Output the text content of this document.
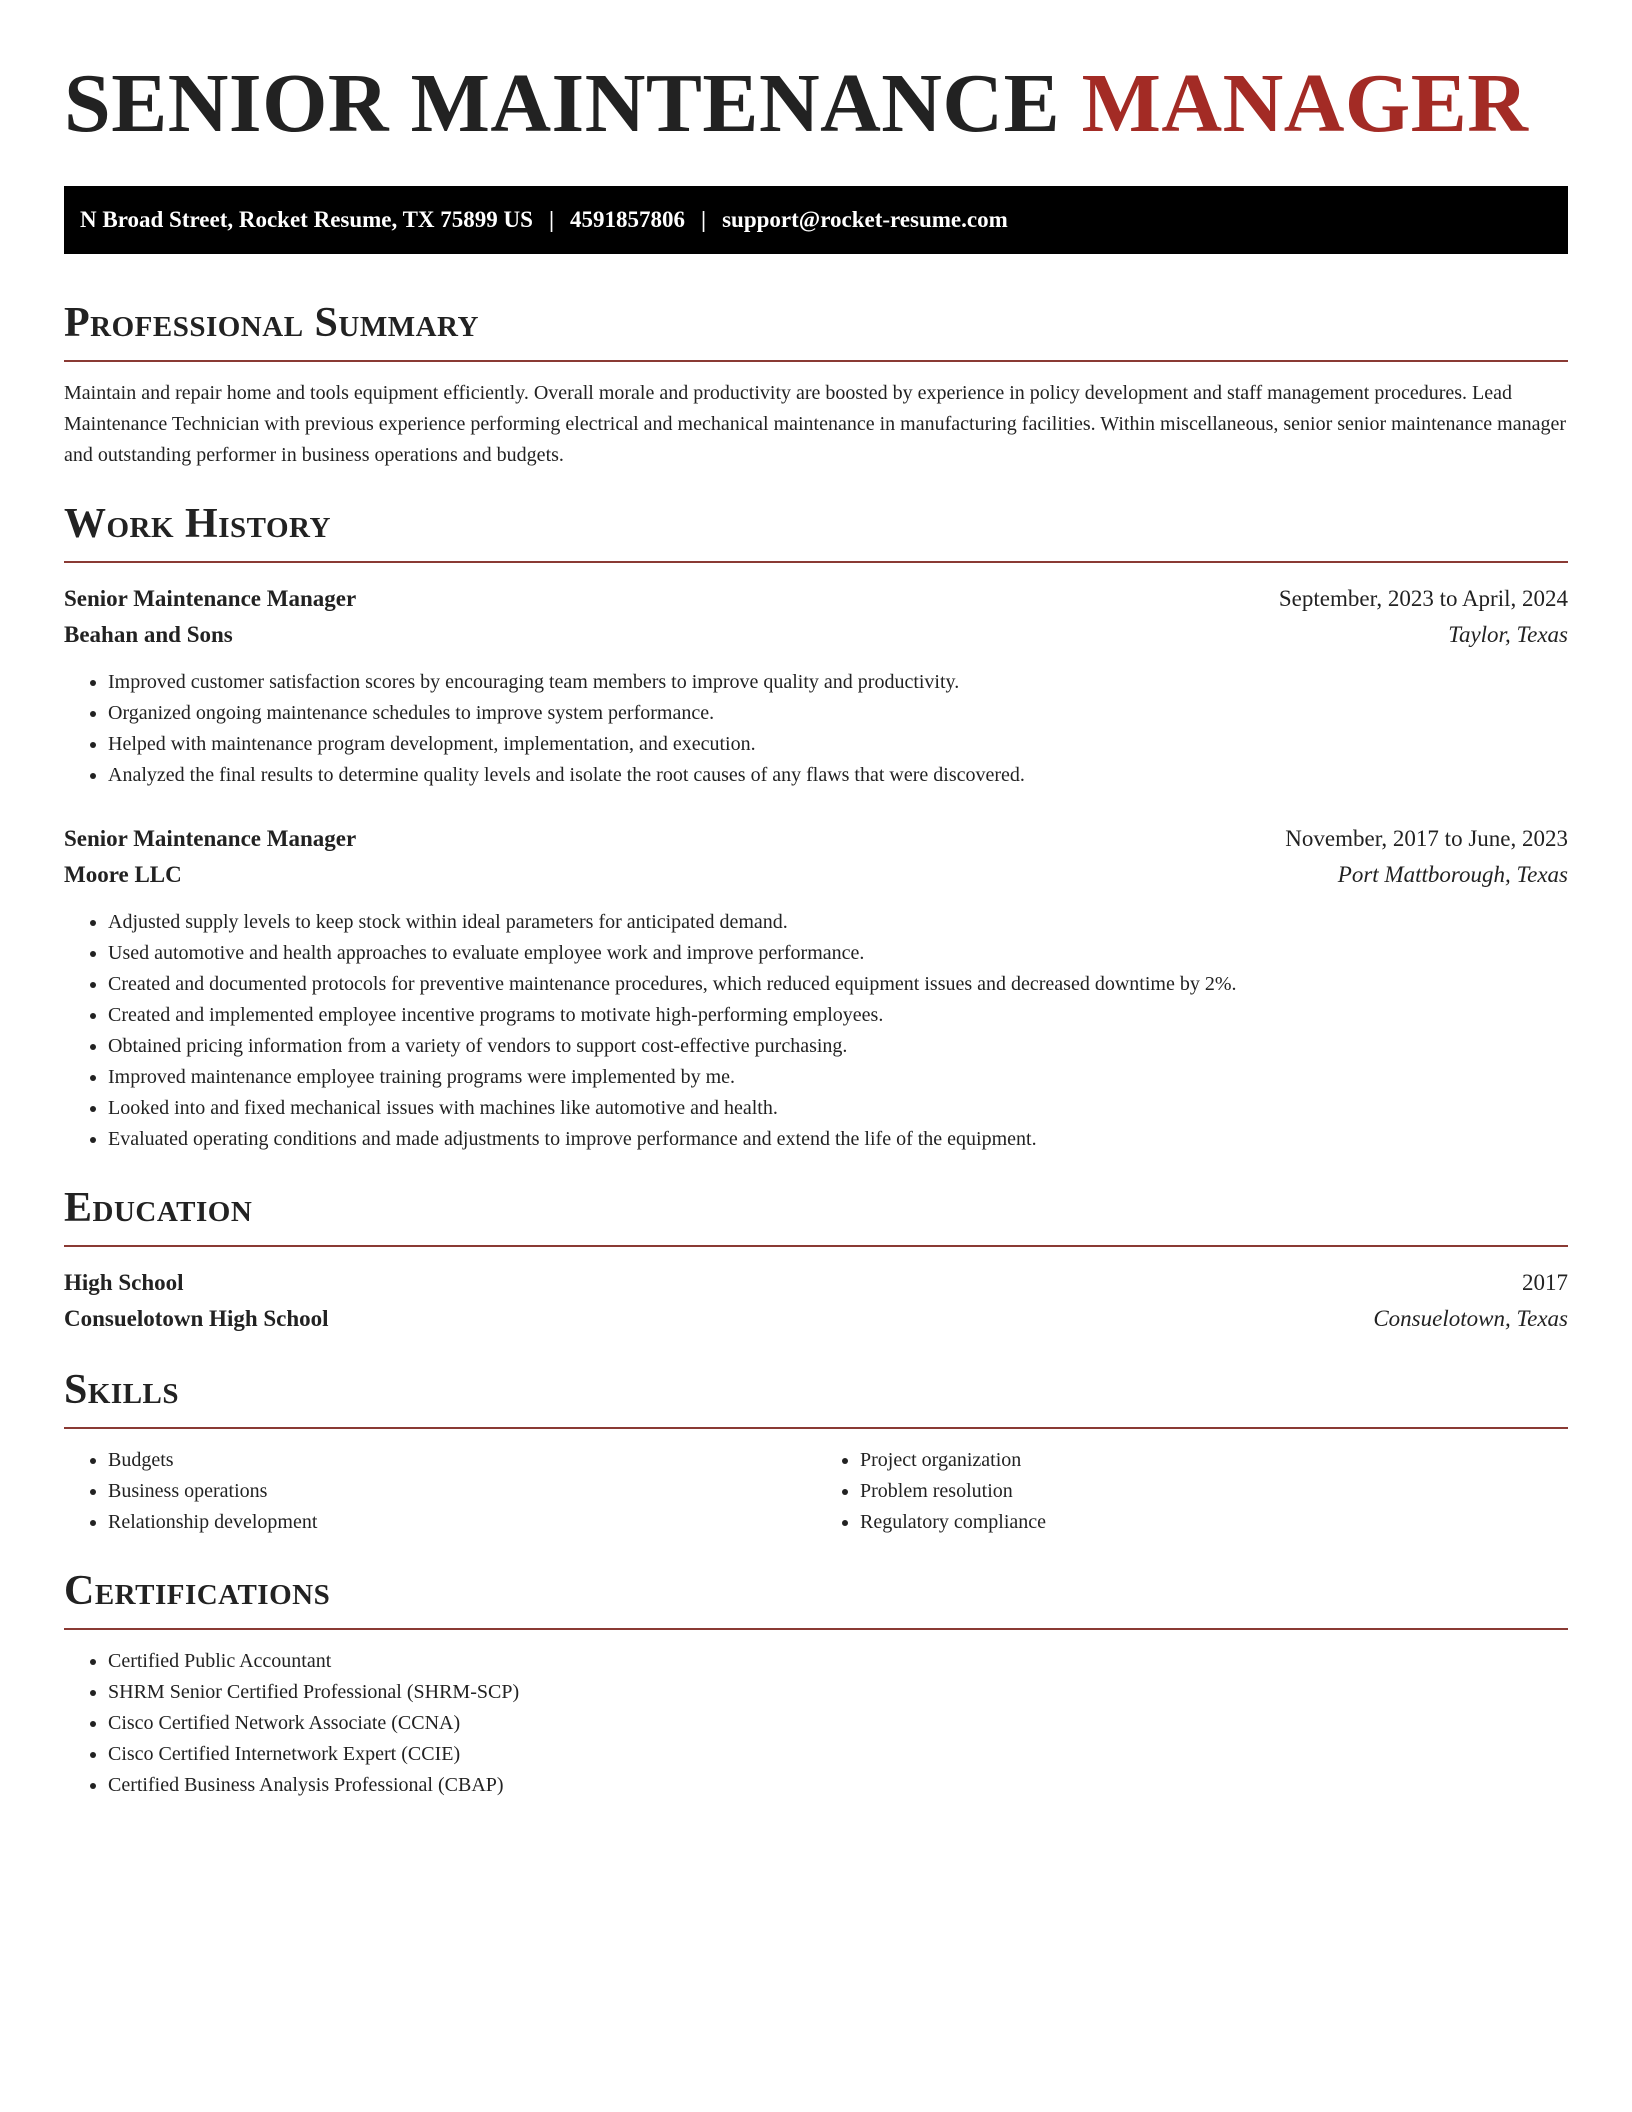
SENIOR MAINTENANCE MANAGER
N Broad Street, Rocket Resume, TX 75899 US | 4591857806 | support@rocket-resume.com
Professional Summary

Maintain and repair home and tools equipment efficiently. Overall morale and productivity are boosted by experience in policy development and staff management procedures. Lead Maintenance Technician with previous experience performing electrical and mechanical maintenance in manufacturing facilities. Within miscellaneous, senior senior maintenance manager and outstanding performer in business operations and budgets.

Work History
Senior Maintenance Manager	September, 2023 to April, 2024
Beahan and Sons	Taylor, Texas
• Improved customer satisfaction scores by encouraging team members to improve quality and productivity.
• Organized ongoing maintenance schedules to improve system performance.
• Helped with maintenance program development, implementation, and execution.
• Analyzed the final results to determine quality levels and isolate the root causes of any flaws that were discovered.
Senior Maintenance Manager	November, 2017 to June, 2023
Moore LLC	Port Mattborough, Texas
• Adjusted supply levels to keep stock within ideal parameters for anticipated demand.
• Used automotive and health approaches to evaluate employee work and improve performance.
• Created and documented protocols for preventive maintenance procedures, which reduced equipment issues and decreased downtime by 2%.
• Created and implemented employee incentive programs to motivate high-performing employees.
• Obtained pricing information from a variety of vendors to support cost-effective purchasing.
• Improved maintenance employee training programs were implemented by me.
• Looked into and fixed mechanical issues with machines like automotive and health.
• Evaluated operating conditions and made adjustments to improve performance and extend the life of the equipment.
Education
High School	2017
Consuelotown High School	Consuelotown, Texas
Skills
• Budgets
• Business operations
• Relationship development
• Project organization
• Problem resolution
• Regulatory compliance
Certifications
• Certified Public Accountant
• SHRM Senior Certified Professional (SHRM-SCP)
• Cisco Certified Network Associate (CCNA)
• Cisco Certified Internetwork Expert (CCIE)
• Certified Business Analysis Professional (CBAP)
